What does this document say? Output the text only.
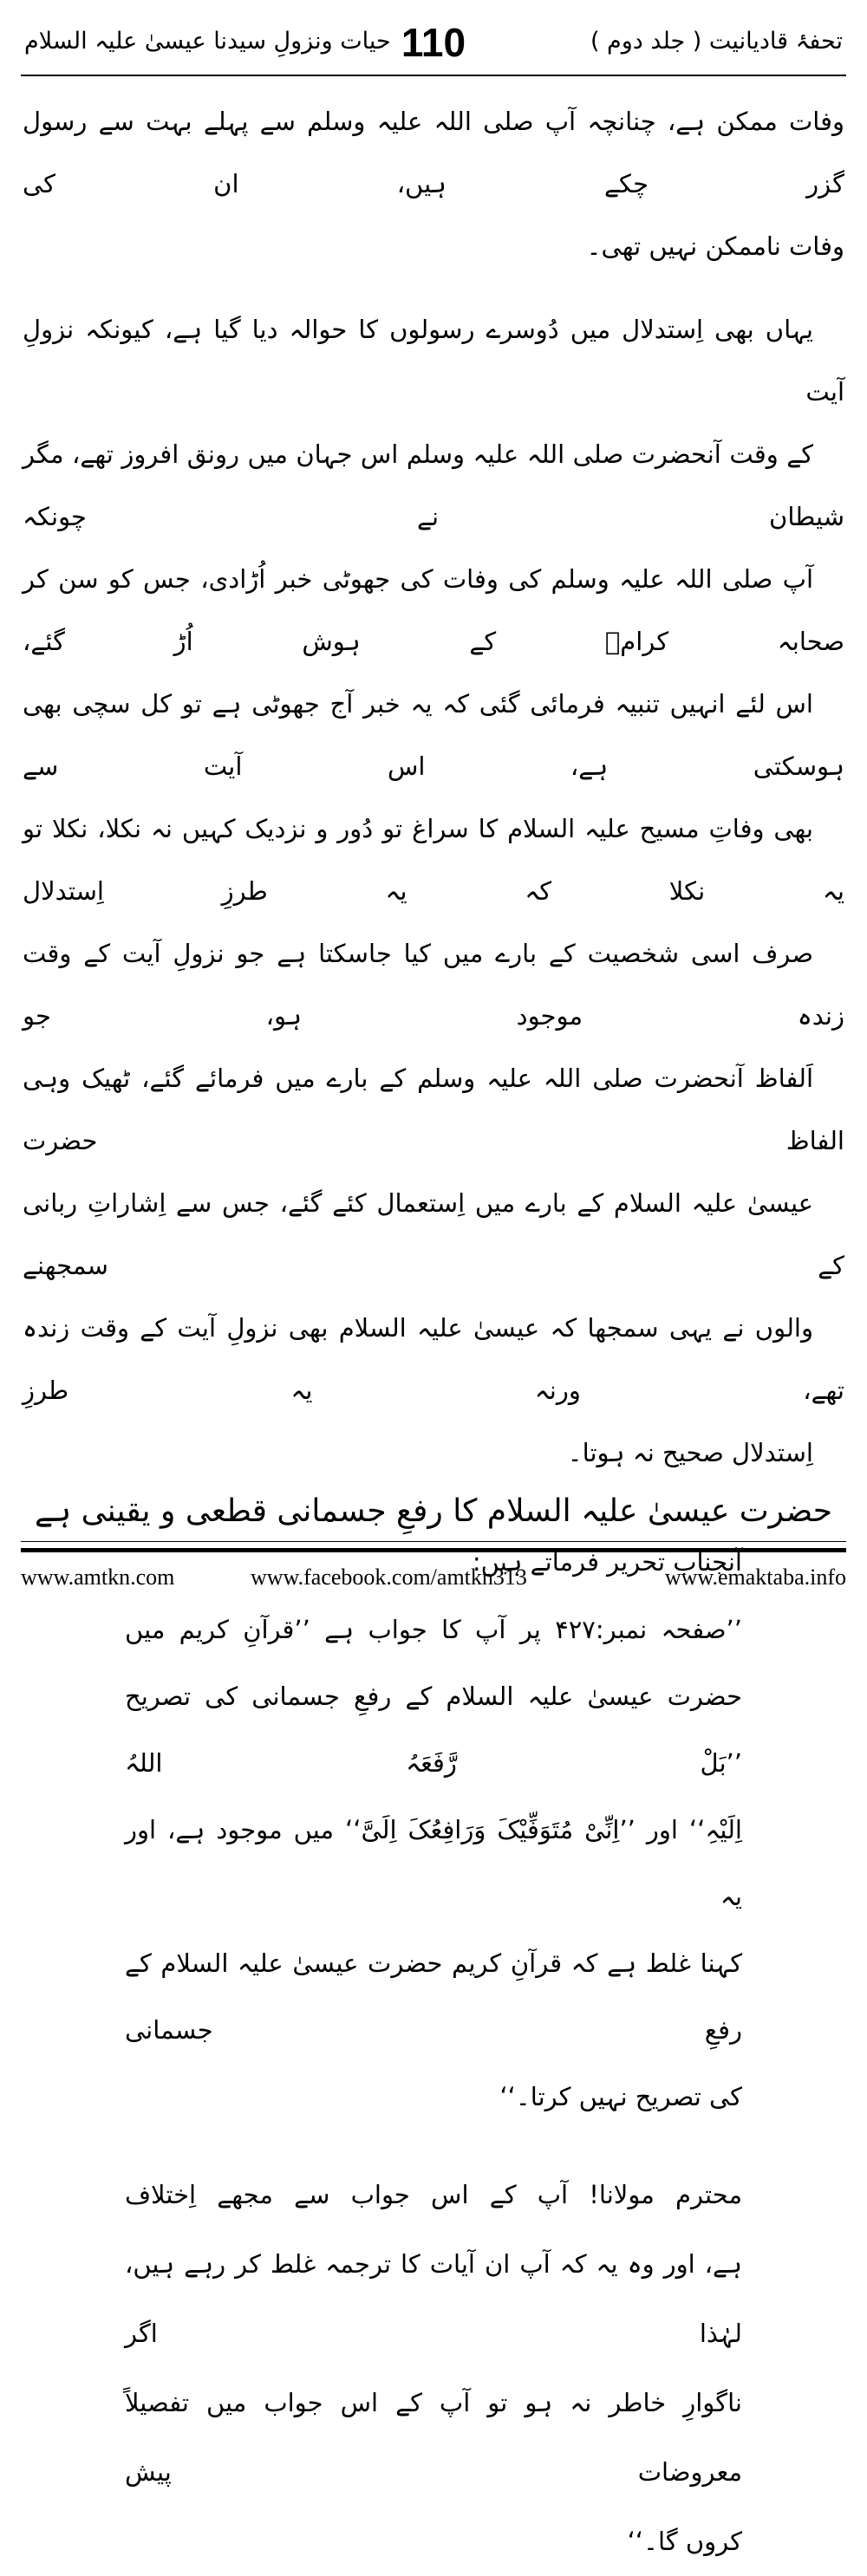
حیات ونزولِ سیدنا عیسیٰ علیہ السلام 110	تحفۂ قادیانیت ( جلد دوم )

وفات ممکن ہے، چنانچہ آپ صلی اللہ علیہ وسلم سے پہلے بہت سے رسول گزر چکے ہیں، ان کی

وفات ناممکن نہیں تھی۔

یہاں بھی اِستدلال میں دُوسرے رسولوں کا حوالہ دیا گیا ہے، کیونکہ نزولِ آیت

کے وقت آنحضرت صلی اللہ علیہ وسلم اس جہان میں رونق افروز تھے، مگر شیطان نے چونکہ

آپ صلی اللہ علیہ وسلم کی وفات کی جھوٹی خبر اُڑادی، جس کو سن کر صحابہ کرامؓ کے ہوش اُڑ گئے،

اس لئے انہیں تنبیہ فرمائی گئی کہ یہ خبر آج جھوٹی ہے تو کل سچی بھی ہوسکتی ہے، اس آیت سے

بھی وفاتِ مسیح علیہ السلام کا سراغ تو دُور و نزدیک کہیں نہ نکلا، نکلا تو یہ نکلا کہ یہ طرزِ اِستدلال

صرف اسی شخصیت کے بارے میں کیا جاسکتا ہے جو نزولِ آیت کے وقت زندہ موجود ہو، جو

اَلفاظ آنحضرت صلی اللہ علیہ وسلم کے بارے میں فرمائے گئے، ٹھیک وہی الفاظ حضرت

عیسیٰ علیہ السلام کے بارے میں اِستعمال کئے گئے، جس سے اِشاراتِ ربانی کے سمجھنے

والوں نے یہی سمجھا کہ عیسیٰ علیہ السلام بھی نزولِ آیت کے وقت زندہ تھے، ورنہ یہ طرزِ

اِستدلال صحیح نہ ہوتا۔

حضرت عیسیٰ علیہ السلام کا رفعِ جسمانی قطعی و یقینی ہے

آنجناب تحریر فرماتے ہیں:

’’صفحہ نمبر:۴۲۷ پر آپ کا جواب ہے ’’قرآنِ کریم میں

حضرت عیسیٰ علیہ السلام کے رفعِ جسمانی کی تصریح ’’بَلْ رَّفَعَہُ اللہُ

اِلَیْہِ‘‘ اور ’’اِنِّیْ مُتَوَفِّیْکَ وَرَافِعُکَ اِلَیَّ‘‘ میں موجود ہے، اور یہ

کہنا غلط ہے کہ قرآنِ کریم حضرت عیسیٰ علیہ السلام کے رفعِ جسمانی

کی تصریح نہیں کرتا۔‘‘

محترم مولانا! آپ کے اس جواب سے مجھے اِختلاف

ہے، اور وہ یہ کہ آپ ان آیات کا ترجمہ غلط کر رہے ہیں، لہٰذا اگر

ناگوارِ خاطر نہ ہو تو آپ کے اس جواب میں تفصیلاً معروضات پیش

کروں گا۔‘‘

www.amtkn.com	www.facebook.com/amtkn313	www.emaktaba.info
